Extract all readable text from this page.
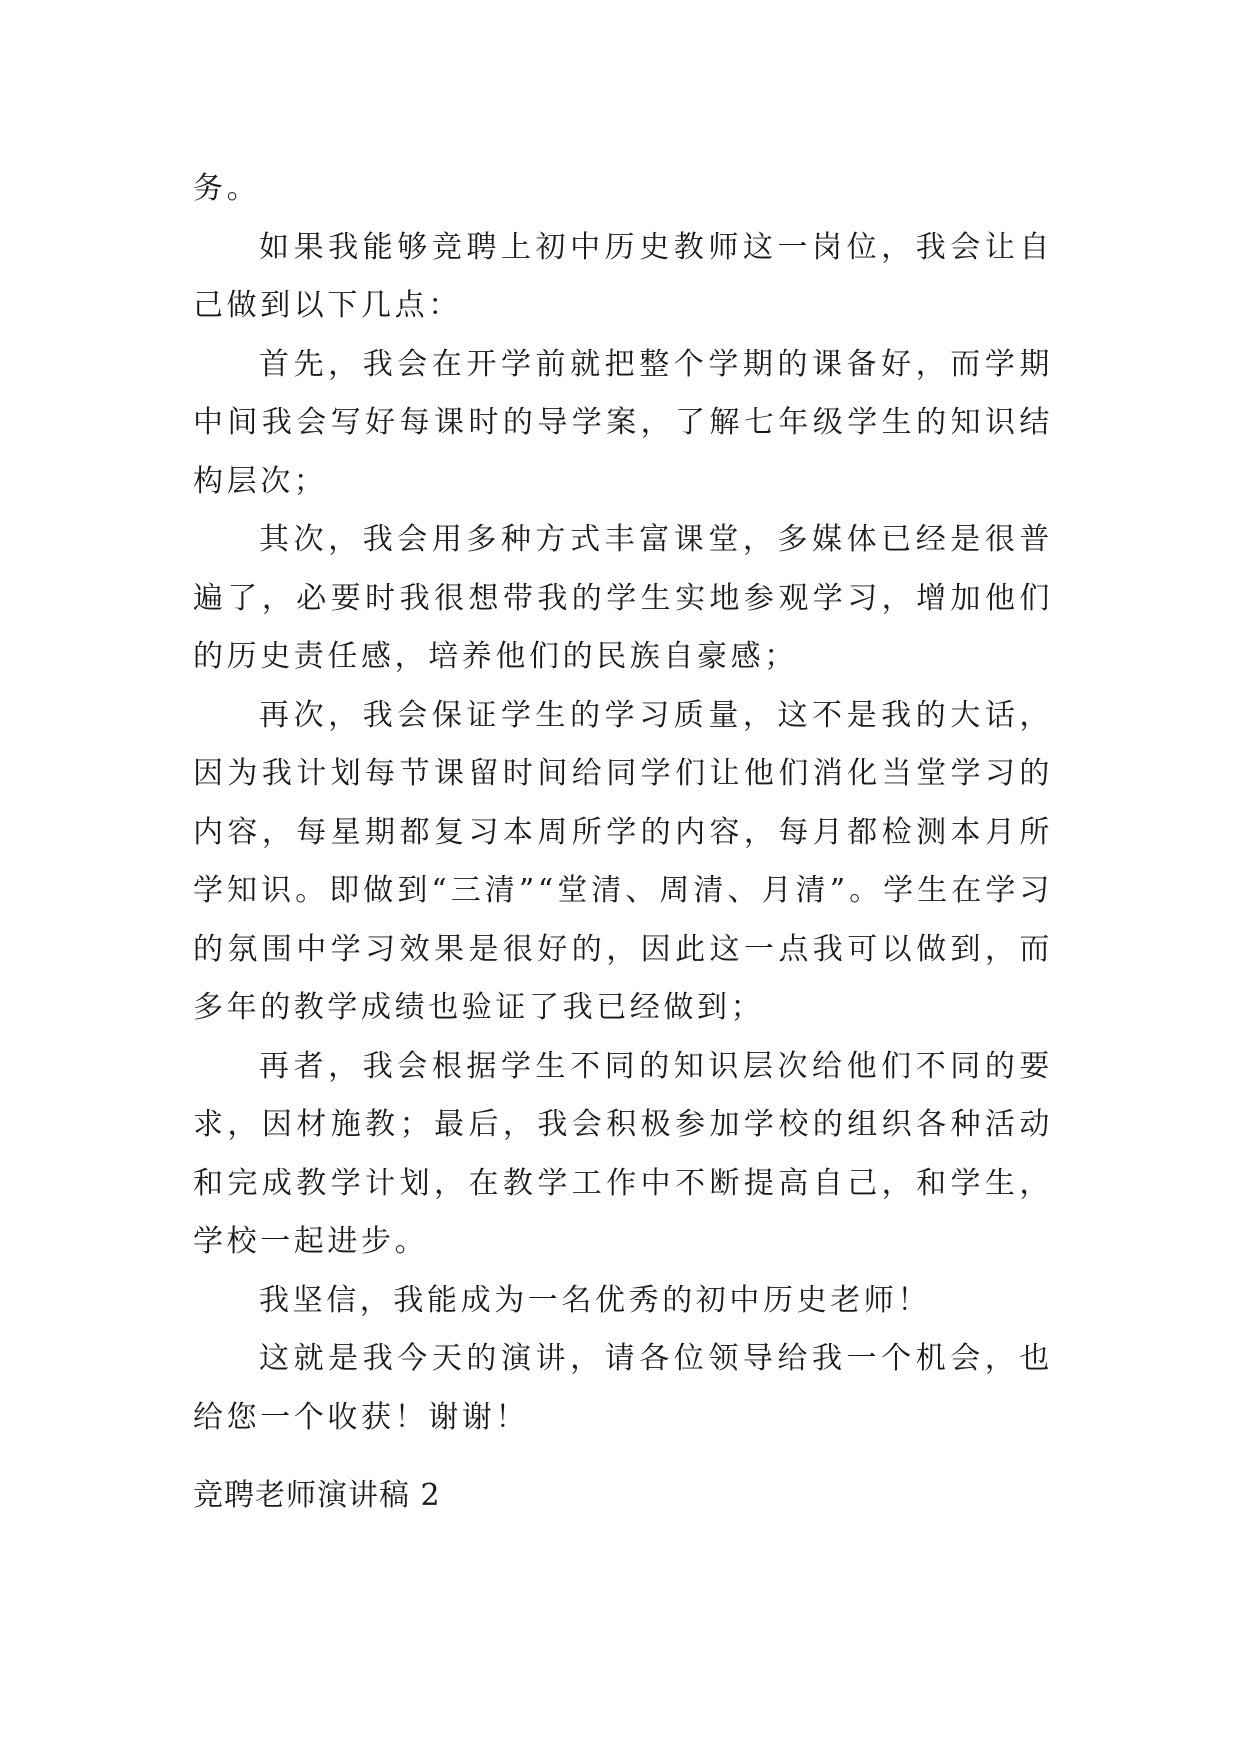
务。

如果我能够竞聘上初中历史教师这一岗位，我会让自己做到以下几点：

首先，我会在开学前就把整个学期的课备好，而学期中间我会写好每课时的导学案，了解七年级学生的知识结构层次；

其次，我会用多种方式丰富课堂，多媒体已经是很普遍了，必要时我很想带我的学生实地参观学习，增加他们的历史责任感，培养他们的民族自豪感；

再次，我会保证学生的学习质量，这不是我的大话，因为我计划每节课留时间给同学们让他们消化当堂学习的内容，每星期都复习本周所学的内容，每月都检测本月所学知识。即做到“三清”“堂清、周清、月清”。学生在学习的氛围中学习效果是很好的，因此这一点我可以做到，而多年的教学成绩也验证了我已经做到；

再者，我会根据学生不同的知识层次给他们不同的要求，因材施教；最后，我会积极参加学校的组织各种活动和完成教学计划，在教学工作中不断提高自己，和学生，学校一起进步。

我坚信，我能成为一名优秀的初中历史老师！

这就是我今天的演讲，请各位领导给我一个机会，也给您一个收获！谢谢！

竞聘老师演讲稿 2
